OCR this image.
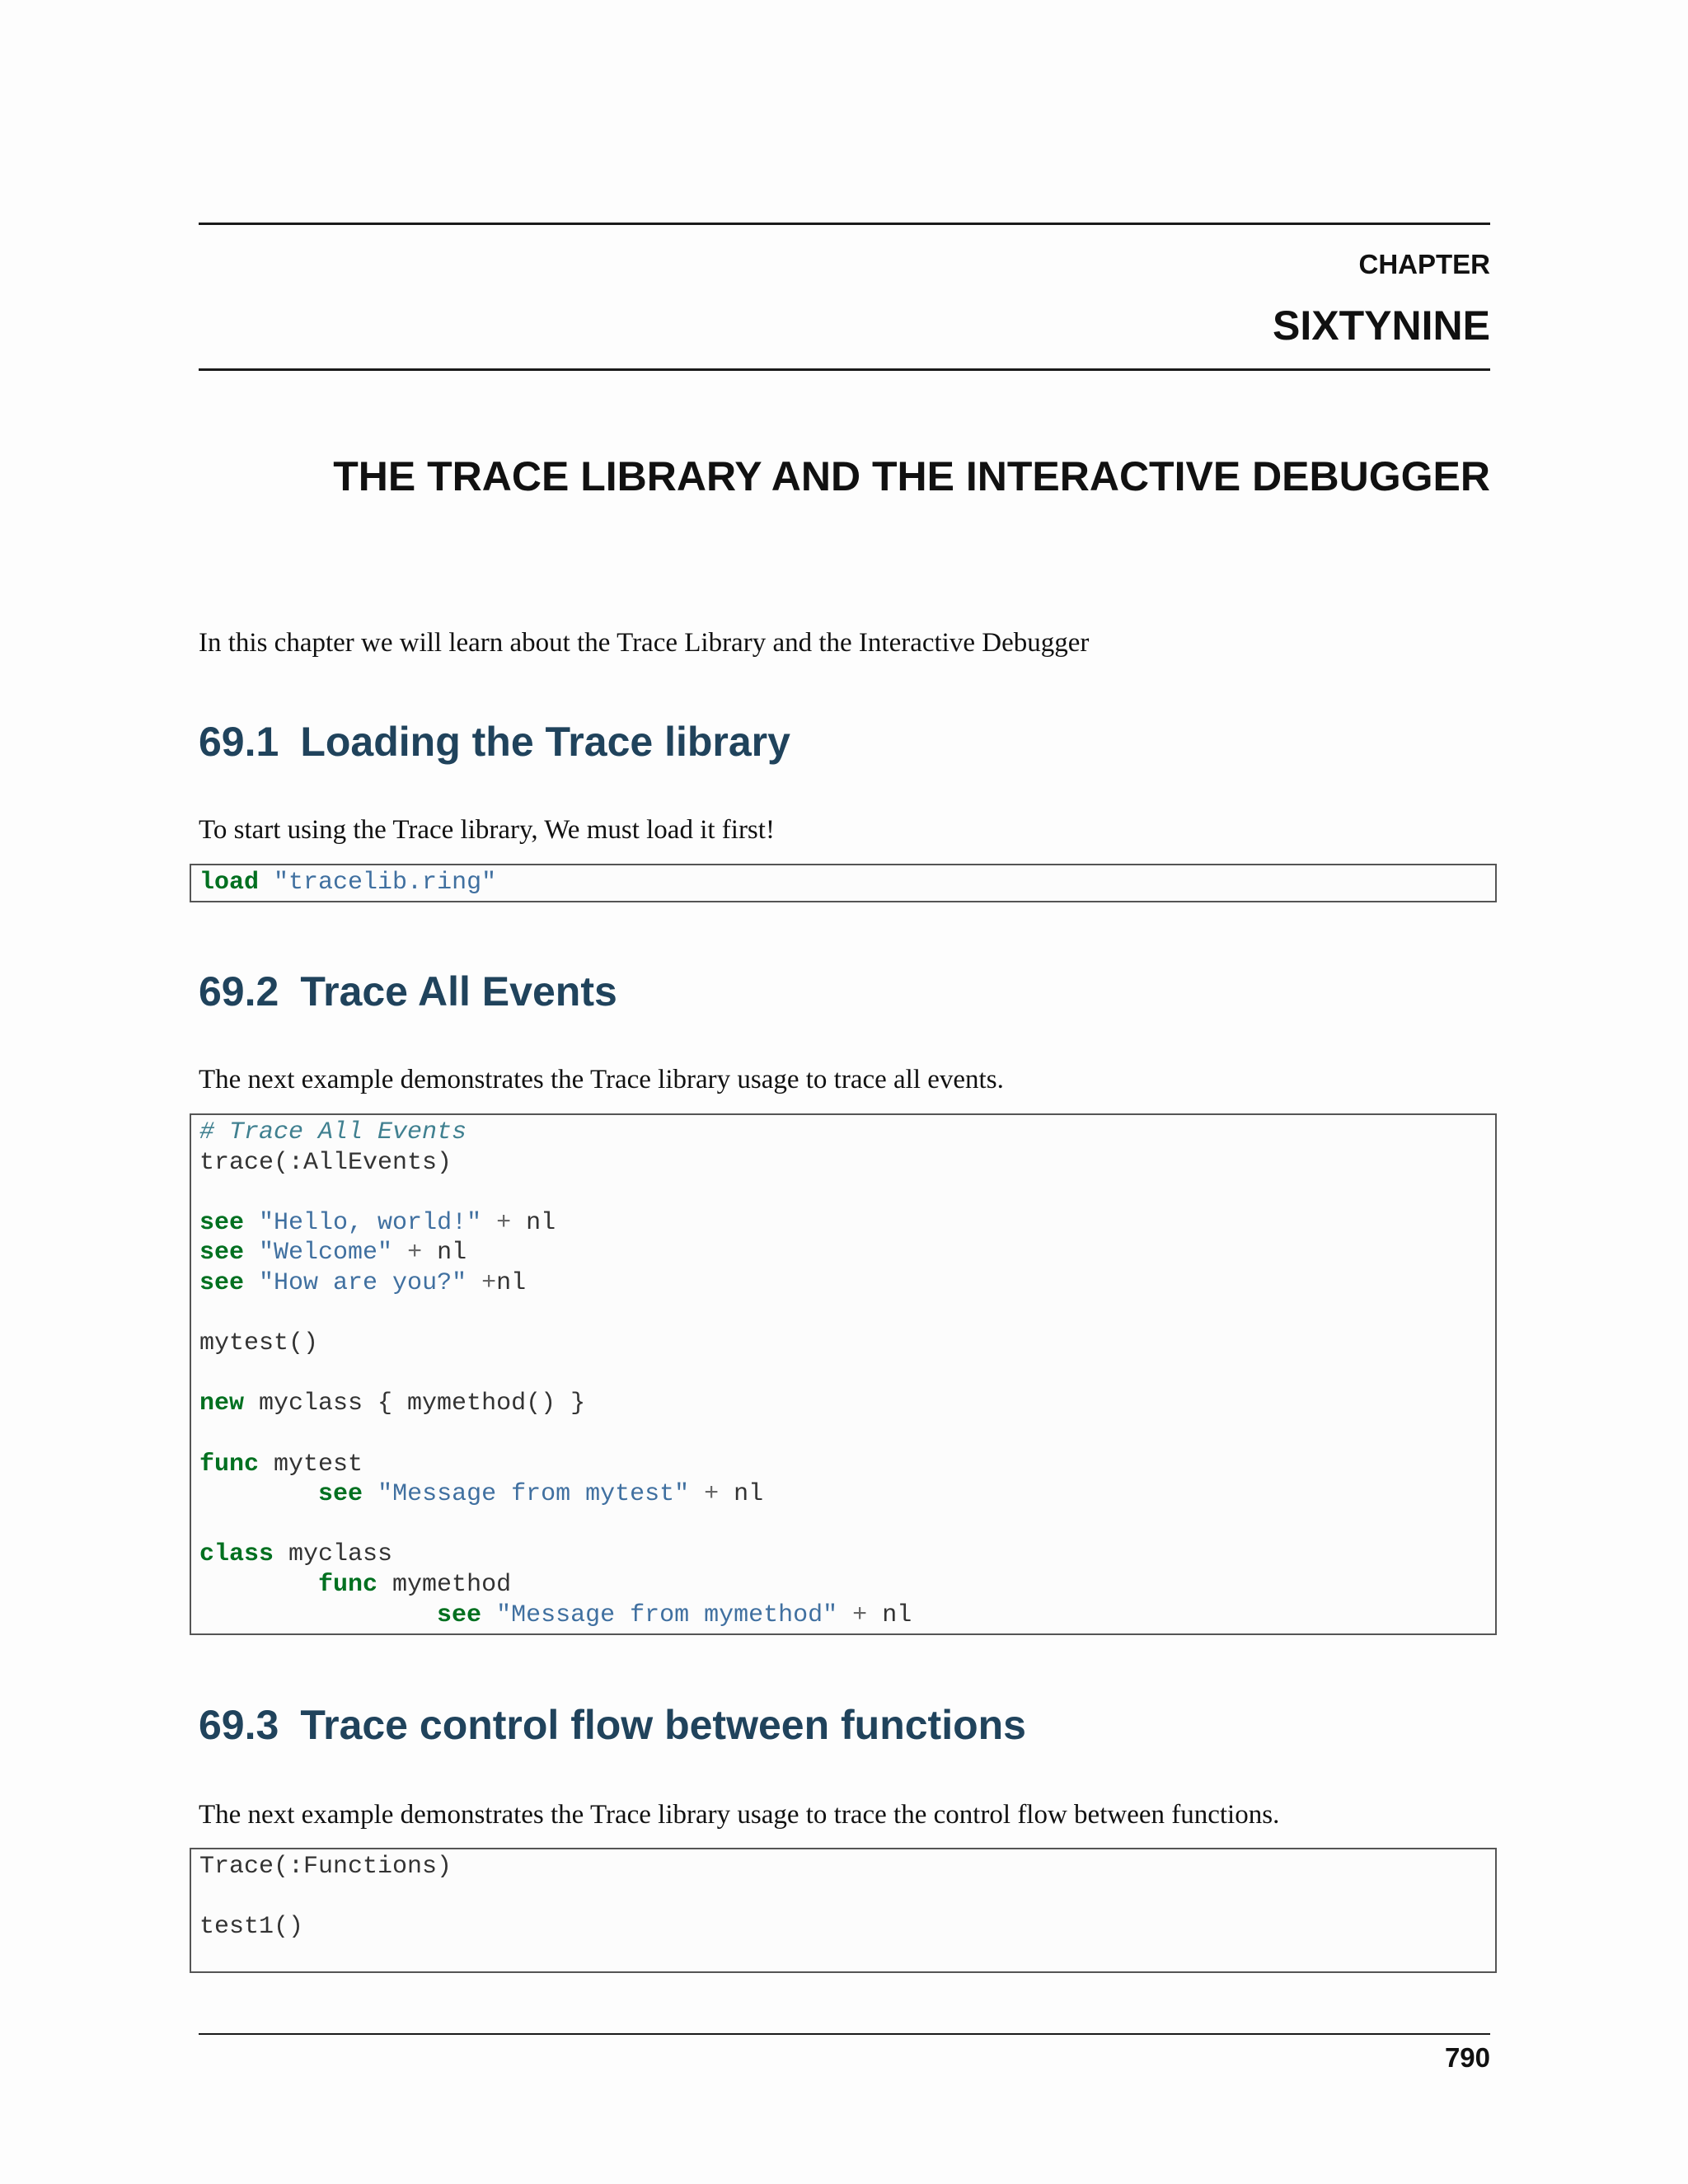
CHAPTER
SIXTYNINE
THE TRACE LIBRARY AND THE INTERACTIVE DEBUGGER
In this chapter we will learn about the Trace Library and the Interactive Debugger
69.1 Loading the Trace library
To start using the Trace library, We must load it first!
load "tracelib.ring"
69.2 Trace All Events
The next example demonstrates the Trace library usage to trace all events.
# Trace All Events
trace(:AllEvents)

see "Hello, world!" + nl
see "Welcome" + nl
see "How are you?" +nl

mytest()

new myclass { mymethod() }

func mytest
see "Message from mytest" + nl

class myclass
func mymethod
see "Message from mymethod" + nl
69.3 Trace control flow between functions
The next example demonstrates the Trace library usage to trace the control flow between functions.
Trace(:Functions)

test1()

790
